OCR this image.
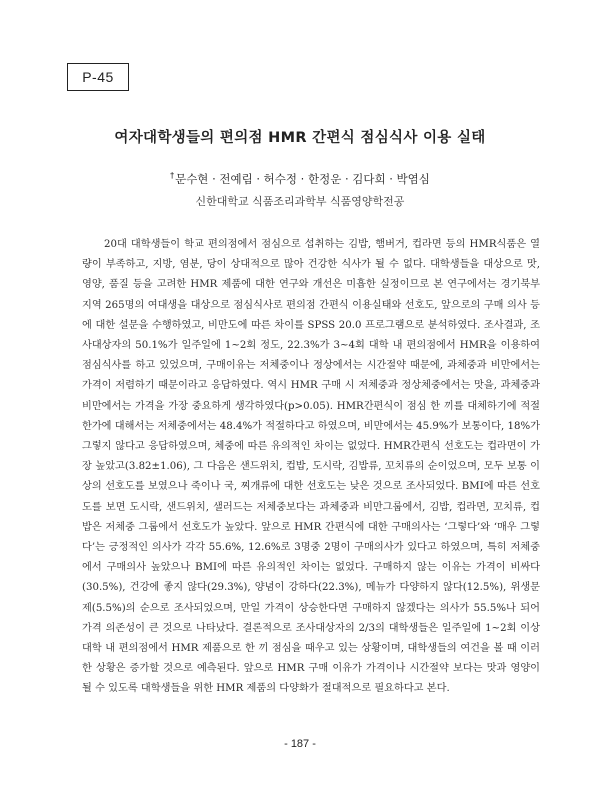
P-45
여자대학생들의 편의점 HMR 간편식 점심식사 이용 실태
†문수현 · 전예림 · 허수정 · 한정운 · 김다희 · 박염심
신한대학교 식품조리과학부 식품영양학전공

20대 대학생들이 학교 편의점에서 점심으로 섭취하는 김밥, 햄버거, 컵라면 등의 HMR식품은 열량이 부족하고, 지방, 염분, 당이 상대적으로 많아 건강한 식사가 될 수 없다. 대학생들을 대상으로 맛, 영양, 품질 등을 고려한 HMR 제품에 대한 연구와 개선은 미흡한 실정이므로 본 연구에서는 경기북부 지역 265명의 여대생을 대상으로 점심식사로 편의점 간편식 이용실태와 선호도, 앞으로의 구매 의사 등에 대한 설문을 수행하였고, 비만도에 따른 차이를 SPSS 20.0 프로그램으로 분석하였다. 조사결과, 조사대상자의 50.1%가 일주일에 1~2회 정도, 22.3%가 3~4회 대학 내 편의점에서 HMR을 이용하여 점심식사를 하고 있었으며, 구매이유는 저체중이나 정상에서는 시간절약 때문에, 과체중과 비만에서는 가격이 저렴하기 때문이라고 응답하였다. 역시 HMR 구매 시 저체중과 정상체중에서는 맛을, 과체중과 비만에서는 가격을 가장 중요하게 생각하였다(p>0.05). HMR간편식이 점심 한 끼를 대체하기에 적절한가에 대해서는 저체중에서는 48.4%가 적절하다고 하였으며, 비만에서는 45.9%가 보통이다, 18%가 그렇지 않다고 응답하였으며, 체중에 따른 유의적인 차이는 없었다. HMR간편식 선호도는 컵라면이 가장 높았고(3.82±1.06), 그 다음은 샌드위치, 컵밥, 도시락, 김밥류, 꼬치류의 순이었으며, 모두 보통 이상의 선호도를 보였으나 죽이나 국, 찌개류에 대한 선호도는 낮은 것으로 조사되었다. BMI에 따른 선호도를 보면 도시락, 샌드위치, 샐러드는 저체중보다는 과체중과 비만그룹에서, 김밥, 컵라면, 꼬치류, 컵밥은 저체중 그룹에서 선호도가 높았다. 앞으로 HMR 간편식에 대한 구매의사는 ‘그렇다’와 ‘매우 그렇다’는 긍정적인 의사가 각각 55.6%, 12.6%로 3명중 2명이 구매의사가 있다고 하였으며, 특히 저체중에서 구매의사 높았으나 BMI에 따른 유의적인 차이는 없었다. 구매하지 않는 이유는 가격이 비싸다(30.5%), 건강에 좋지 않다(29.3%), 양념이 강하다(22.3%), 메뉴가 다양하지 않다(12.5%), 위생문제(5.5%)의 순으로 조사되었으며, 만일 가격이 상승한다면 구매하지 않겠다는 의사가 55.5%나 되어 가격 의존성이 큰 것으로 나타났다. 결론적으로 조사대상자의 2/3의 대학생들은 일주일에 1~2회 이상 대학 내 편의점에서 HMR 제품으로 한 끼 점심을 때우고 있는 상황이며, 대학생들의 여건을 볼 때 이러한 상황은 증가할 것으로 예측된다. 앞으로 HMR 구매 이유가 가격이나 시간절약 보다는 맛과 영양이 될 수 있도록 대학생들을 위한 HMR 제품의 다양화가 절대적으로 필요하다고 본다.

- 187 -
